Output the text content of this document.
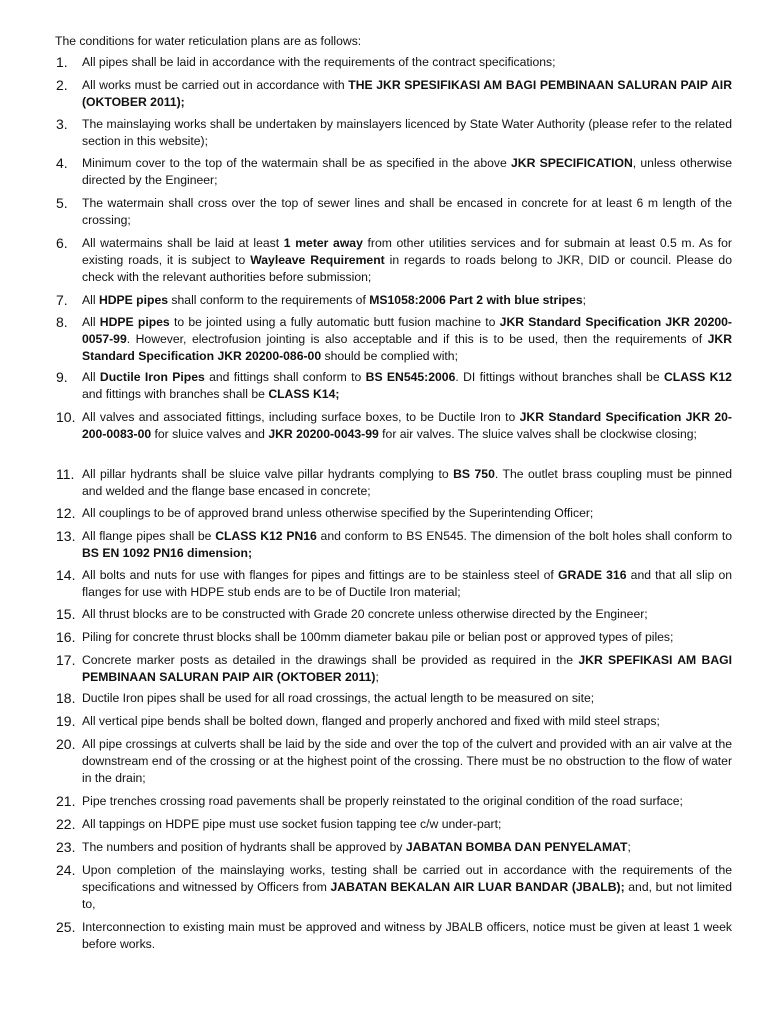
The conditions for water reticulation plans are as follows:
1. All pipes shall be laid in accordance with the requirements of the contract specifications;
2. All works must be carried out in accordance with THE JKR SPESIFIKASI AM BAGI PEMBINAAN SALURAN PAIP AIR (OKTOBER 2011);
3. The mainslaying works shall be undertaken by mainslayers licenced by State Water Authority (please refer to the related section in this website);
4. Minimum cover to the top of the watermain shall be as specified in the above JKR SPECIFICATION, unless otherwise directed by the Engineer;
5. The watermain shall cross over the top of sewer lines and shall be encased in concrete for at least 6 m length of the crossing;
6. All watermains shall be laid at least 1 meter away from other utilities services and for submain at least 0.5 m. As for existing roads, it is subject to Wayleave Requirement in regards to roads belong to JKR, DID or council. Please do check with the relevant authorities before submission;
7. All HDPE pipes shall conform to the requirements of MS1058:2006 Part 2 with blue stripes;
8. All HDPE pipes to be jointed using a fully automatic butt fusion machine to JKR Standard Specification JKR 20200-0057-99. However, electrofusion jointing is also acceptable and if this is to be used, then the requirements of JKR Standard Specification JKR 20200-086-00 should be complied with;
9. All Ductile Iron Pipes and fittings shall conform to BS EN545:2006. DI fittings without branches shall be CLASS K12 and fittings with branches shall be CLASS K14;
10. All valves and associated fittings, including surface boxes, to be Ductile Iron to JKR Standard Specification JKR 20-200-0083-00 for sluice valves and JKR 20200-0043-99 for air valves. The sluice valves shall be clockwise closing;
11. All pillar hydrants shall be sluice valve pillar hydrants complying to BS 750. The outlet brass coupling must be pinned and welded and the flange base encased in concrete;
12. All couplings to be of approved brand unless otherwise specified by the Superintending Officer;
13. All flange pipes shall be CLASS K12 PN16 and conform to BS EN545. The dimension of the bolt holes shall conform to BS EN 1092 PN16 dimension;
14. All bolts and nuts for use with flanges for pipes and fittings are to be stainless steel of GRADE 316 and that all slip on flanges for use with HDPE stub ends are to be of Ductile Iron material;
15. All thrust blocks are to be constructed with Grade 20 concrete unless otherwise directed by the Engineer;
16. Piling for concrete thrust blocks shall be 100mm diameter bakau pile or belian post or approved types of piles;
17. Concrete marker posts as detailed in the drawings shall be provided as required in the JKR SPEFIKASI AM BAGI PEMBINAAN SALURAN PAIP AIR (OKTOBER 2011);
18. Ductile Iron pipes shall be used for all road crossings, the actual length to be measured on site;
19. All vertical pipe bends shall be bolted down, flanged and properly anchored and fixed with mild steel straps;
20. All pipe crossings at culverts shall be laid by the side and over the top of the culvert and provided with an air valve at the downstream end of the crossing or at the highest point of the crossing. There must be no obstruction to the flow of water in the drain;
21. Pipe trenches crossing road pavements shall be properly reinstated to the original condition of the road surface;
22. All tappings on HDPE pipe must use socket fusion tapping tee c/w under-part;
23. The numbers and position of hydrants shall be approved by JABATAN BOMBA DAN PENYELAMAT;
24. Upon completion of the mainslaying works, testing shall be carried out in accordance with the requirements of the specifications and witnessed by Officers from JABATAN BEKALAN AIR LUAR BANDAR (JBALB); and, but not limited to,
25. Interconnection to existing main must be approved and witness by JBALB officers, notice must be given at least 1 week before works.
